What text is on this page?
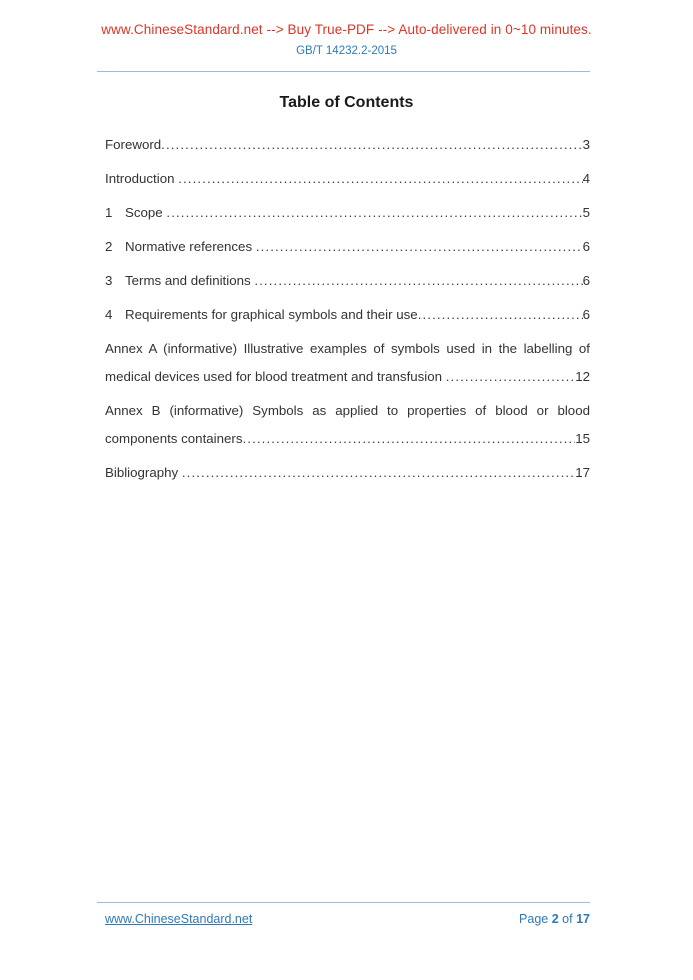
www.ChineseStandard.net --> Buy True-PDF --> Auto-delivered in 0~10 minutes.
GB/T 14232.2-2015
Table of Contents
Foreword .....	3
Introduction .....	4
1 Scope .....	5
2 Normative references .....	6
3 Terms and definitions .....	6
4 Requirements for graphical symbols and their use .....	6
Annex A (informative) Illustrative examples of symbols used in the labelling of
medical devices used for blood treatment and transfusion .....	12
Annex B (informative) Symbols as applied to properties of blood or blood
components containers .....	15
Bibliography .....	17
www.ChineseStandard.net	Page 2 of 17
